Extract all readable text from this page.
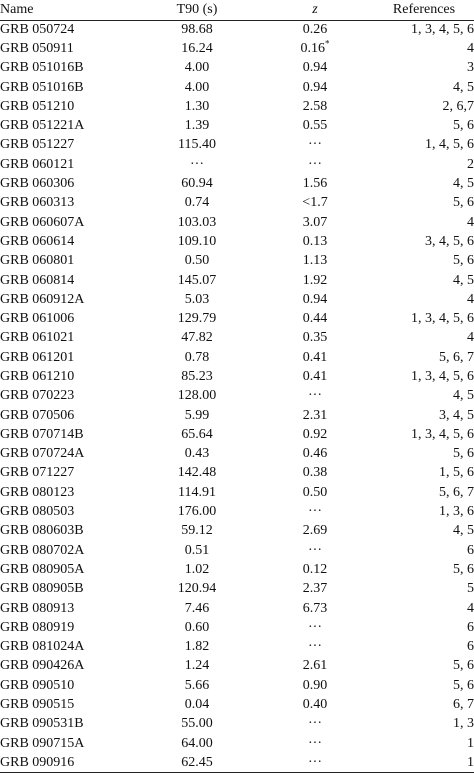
Name	T90 (s)	z	References
GRB 050724	98.68	0.26	1, 3, 4, 5, 6
GRB 050911	16.24	0.16*	4
GRB 051016B	4.00	0.94	3
GRB 051016B	4.00	0.94	4, 5
GRB 051210	1.30	2.58	2, 6,7
GRB 051221A	1.39	0.55	5, 6
GRB 051227	115.40	···	1, 4, 5, 6
GRB 060121	···	···	2
GRB 060306	60.94	1.56	4, 5
GRB 060313	0.74	<1.7	5, 6
GRB 060607A	103.03	3.07	4
GRB 060614	109.10	0.13	3, 4, 5, 6
GRB 060801	0.50	1.13	5, 6
GRB 060814	145.07	1.92	4, 5
GRB 060912A	5.03	0.94	4
GRB 061006	129.79	0.44	1, 3, 4, 5, 6
GRB 061021	47.82	0.35	4
GRB 061201	0.78	0.41	5, 6, 7
GRB 061210	85.23	0.41	1, 3, 4, 5, 6
GRB 070223	128.00	···	4, 5
GRB 070506	5.99	2.31	3, 4, 5
GRB 070714B	65.64	0.92	1, 3, 4, 5, 6
GRB 070724A	0.43	0.46	5, 6
GRB 071227	142.48	0.38	1, 5, 6
GRB 080123	114.91	0.50	5, 6, 7
GRB 080503	176.00	···	1, 3, 6
GRB 080603B	59.12	2.69	4, 5
GRB 080702A	0.51	···	6
GRB 080905A	1.02	0.12	5, 6
GRB 080905B	120.94	2.37	5
GRB 080913	7.46	6.73	4
GRB 080919	0.60	···	6
GRB 081024A	1.82	···	6
GRB 090426A	1.24	2.61	5, 6
GRB 090510	5.66	0.90	5, 6
GRB 090515	0.04	0.40	6, 7
GRB 090531B	55.00	···	1, 3
GRB 090715A	64.00	···	1
GRB 090916	62.45	···	1
